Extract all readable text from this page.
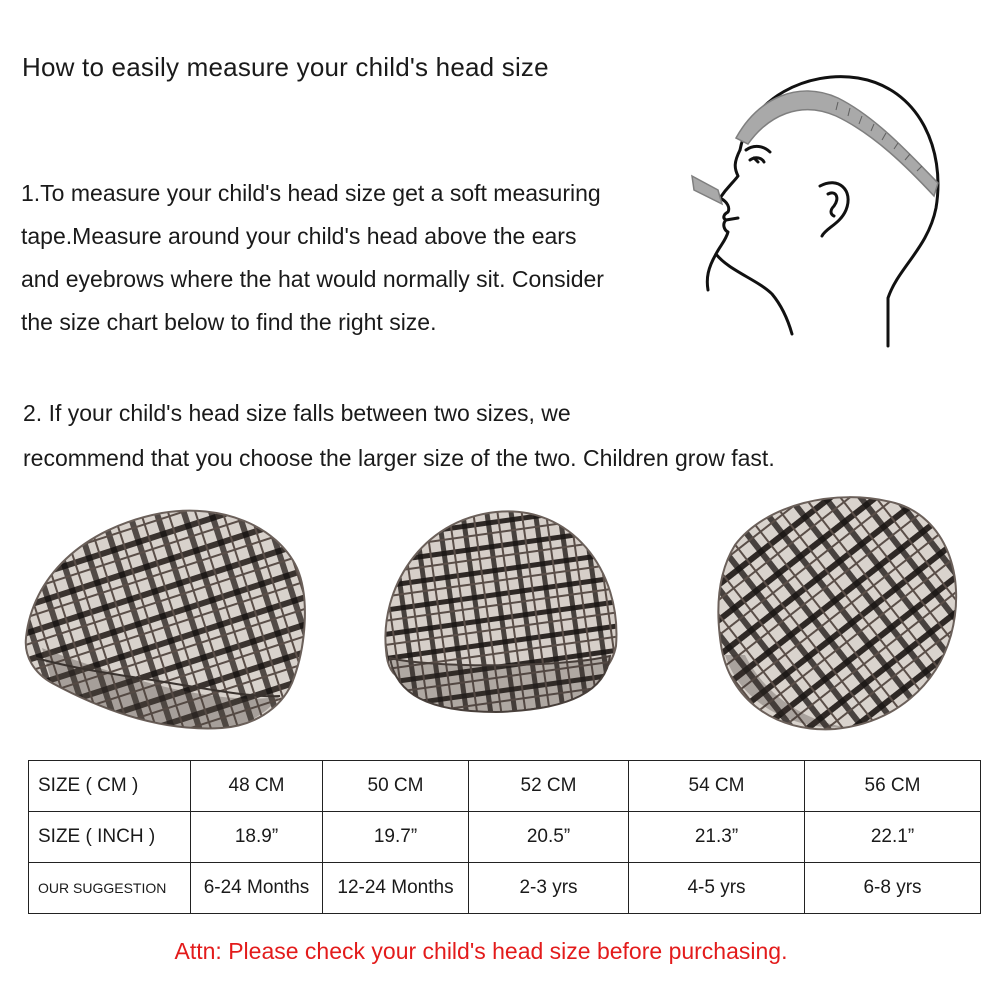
How to easily measure your child's head size
1.To measure your child's head size get a soft measuring
tape.Measure around your child's head above the ears
and eyebrows where the hat would normally sit. Consider
the size chart below to find the right size.
2. If your child's head size falls between two sizes, we
recommend that you choose the larger size of the two. Children grow fast.
SIZE ( CM )	48 CM	50 CM	52 CM	54 CM	56 CM
SIZE ( INCH )	18.9”	19.7”	20.5”	21.3”	22.1”
OUR SUGGESTION	6-24 Months	12-24 Months	2-3 yrs	4-5 yrs	6-8 yrs
Attn: Please check your child's head size before purchasing.
